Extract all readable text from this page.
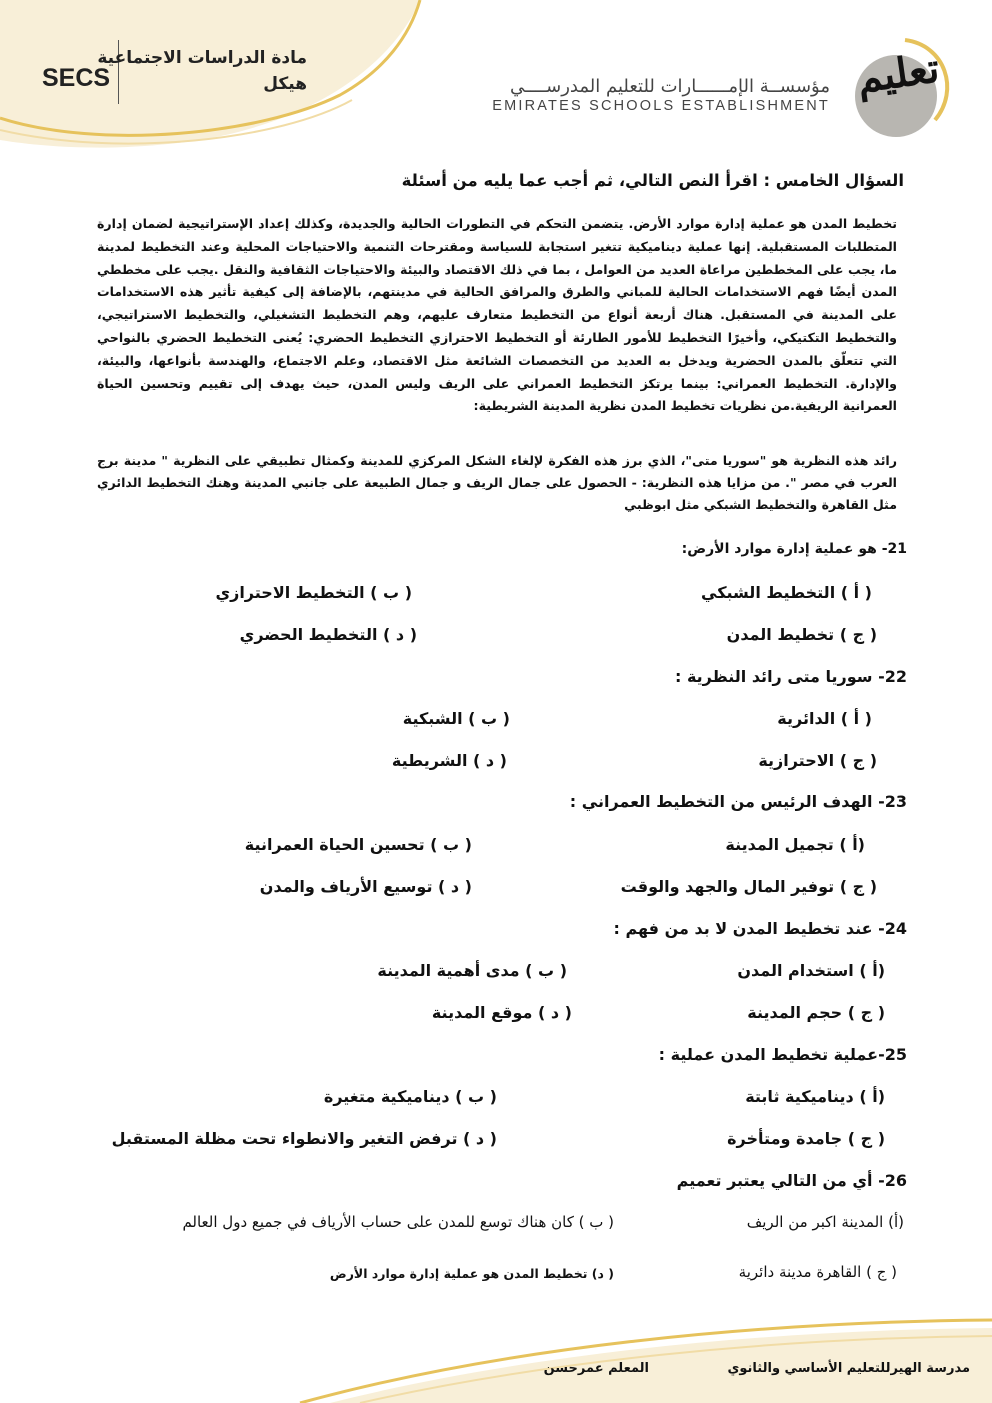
SECS
مادة الدراسات الاجتماعية
هيكل	مؤسســة الإمــــــارات للتعليم المدرســــي
EMIRATES SCHOOLS ESTABLISHMENT
تعليم
السؤال الخامس : اقرأ النص التالي، ثم أجب عما يليه من أسئلة
تخطيط المدن هو عملية إدارة موارد الأرض. يتضمن التحكم في التطورات الحالية والجديدة، وكذلك إعداد الإستراتيجية لضمان إدارة المتطلبات المستقبلية. إنها عملية ديناميكية تتغير استجابة للسياسة ومقترحات التنمية والاحتياجات المحلية وعند التخطيط لمدينة ما، يجب على المخططين مراعاة العديد من العوامل ، بما في ذلك الاقتصاد والبيئة والاحتياجات الثقافية والنقل .يجب على مخططي المدن أيضًا فهم الاستخدامات الحالية للمباني والطرق والمرافق الحالية في مدينتهم، بالإضافة إلى كيفية تأثير هذه الاستخدامات على المدينة في المستقبل. هناك أربعة أنواع من التخطيط متعارف عليهم، وهم التخطيط التشغيلي، والتخطيط الاستراتيجي، والتخطيط التكتيكي، وأخيرًا التخطيط للأمور الطارئة أو التخطيط الاحترازي التخطيط الحضري: يُعنى التخطيط الحضري بالنواحي التي تتعلّق بالمدن الحضرية ويدخل به العديد من التخصصات الشائعة مثل الاقتصاد، وعلم الاجتماع، والهندسة بأنواعها، والبيئة، والإدارة. التخطيط العمراني: بينما يرتكز التخطيط العمراني على الريف وليس المدن، حيث يهدف إلى تقييم وتحسين الحياة العمرانية الريفية.من نظريات تخطيط المدن نظرية المدينة الشريطية:
رائد هذه النظرية هو "سوريا متى"، الذي برز هذه الفكرة لإلغاء الشكل المركزي للمدينة وكمثال تطبيقي على النظرية " مدينة برج العرب في مصر ". من مزايا هذه النظرية: - الحصول على جمال الريف و جمال الطبيعة على جانبي المدينة وهنك التخطيط الدائري مثل القاهرة والتخطيط الشبكي مثل ابوظبي
21- هو عملية إدارة موارد الأرض:
( أ ) التخطيط الشبكي
( ب ) التخطيط الاحترازي
( ج ) تخطيط المدن
( د ) التخطيط الحضري
22- سوريا متى رائد النظرية :
( أ ) الدائرية
( ب ) الشبكية
( ج ) الاحترازية
( د ) الشريطية
23- الهدف الرئيس من التخطيط العمراني :
(أ ) تجميل المدينة
( ب ) تحسين الحياة العمرانية
( ج ) توفير المال والجهد والوقت
( د ) توسيع الأرياف والمدن
24- عند تخطيط المدن لا بد من فهم :
(أ ) استخدام المدن
( ب ) مدى أهمية المدينة
( ج ) حجم المدينة
( د ) موقع المدينة
25-عملية تخطيط المدن عملية :
(أ ) ديناميكية ثابتة
( ب ) ديناميكية متغيرة
( ج ) جامدة ومتأخرة
( د ) ترفض التغير والانطواء تحت مظلة المستقبل
26- أي من التالي يعتبر تعميم
(أ) المدينة اكبر من الريف
( ب ) كان هناك توسع للمدن على حساب الأرياف في جميع دول العالم
( ج ) القاهرة مدينة دائرية
( د) تخطيط المدن هو عملية إدارة موارد الأرض
مدرسة الهيرللتعليم الأساسي والثانوي
المعلم عمرحسن
